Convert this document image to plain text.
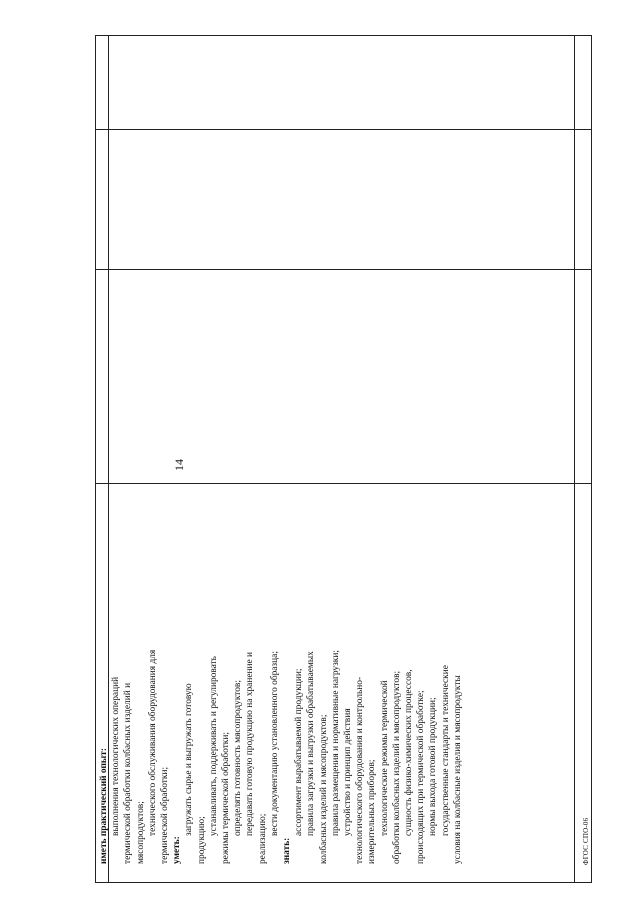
14
иметь практический опыт: выполнения технологических операций термической обработки колбасных изделий и мясопродуктов; технического обслуживания оборудования для термической обработки; уметь:
загружать сырье и выгружать готовую
продукцию;
устанавливать, поддерживать и регулировать режимы термической обработки; определять готовность мясопродуктов; передавать готовую продукцию на хранение и
реализацию;
вести документацию установленного образца;
знать:
ассортимент вырабатываемой продукции; правила загрузки и выгрузки обрабатываемых колбасных изделий и мясопродуктов; правила размещения и нормативные нагрузки; устройство и принцип действия технологического оборудования и контрольно- измерительных приборов; технологические режимы термической обработки колбасных изделий и мясопродуктов; сущность физико-химических процессов, происходящих при термической обработке; нормы выхода готовой продукции; государственные стандарты и технические условия на колбасные изделия и мясопродукты	ФГОС СПО-06
